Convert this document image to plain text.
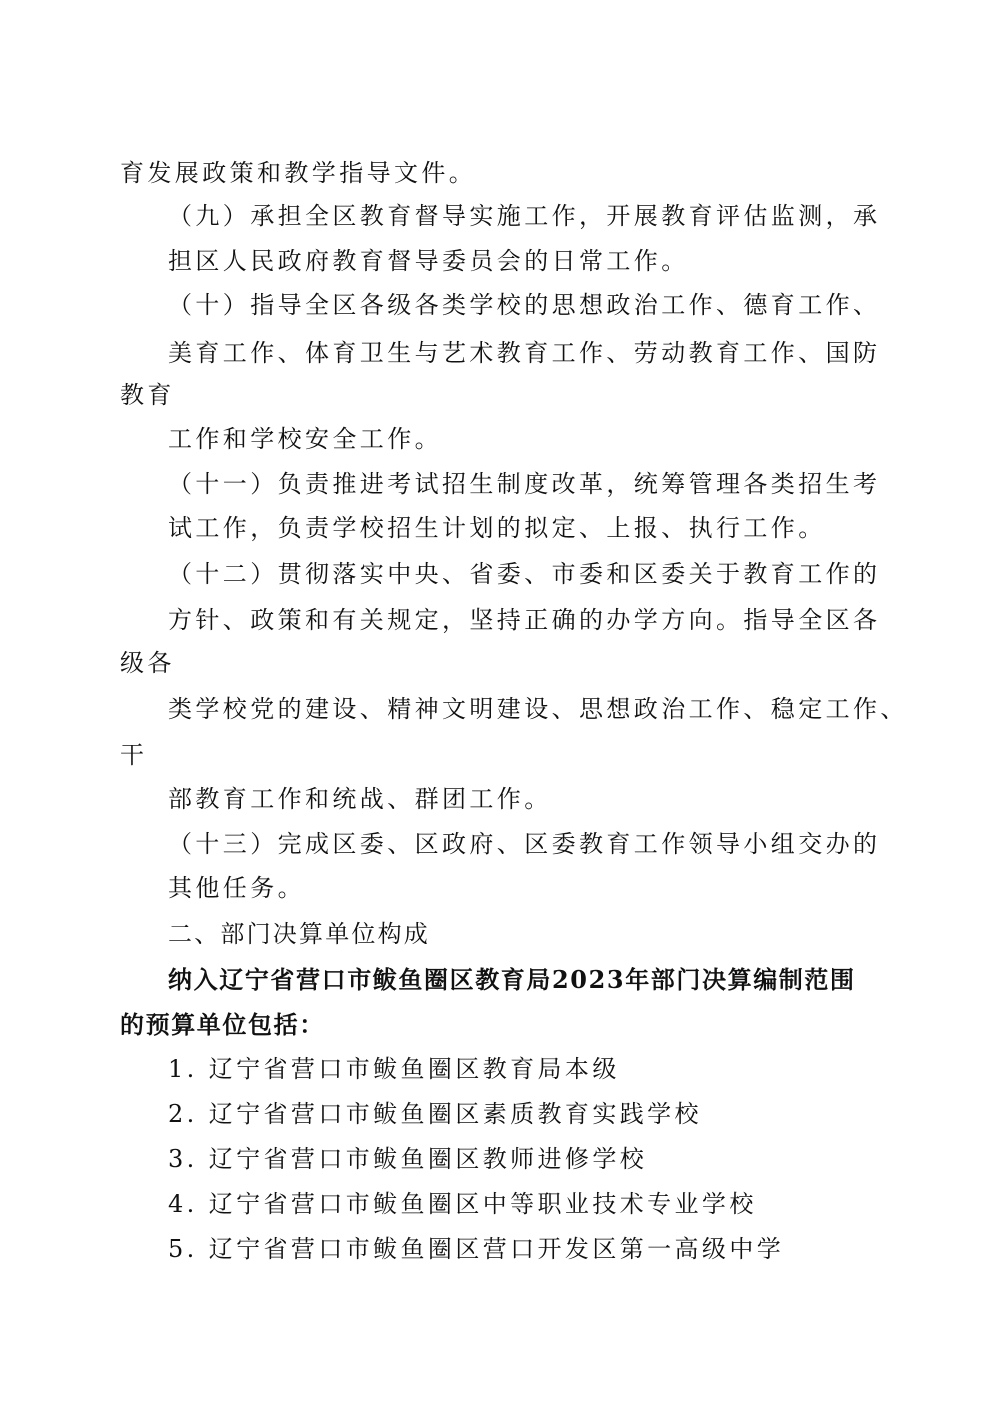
育发展政策和教学指导文件。

（九）承担全区教育督导实施工作，开展教育评估监测，承

担区人民政府教育督导委员会的日常工作。

（十）指导全区各级各类学校的思想政治工作、德育工作、

美育工作、体育卫生与艺术教育工作、劳动教育工作、国防

教育

工作和学校安全工作。

（十一）负责推进考试招生制度改革，统筹管理各类招生考

试工作，负责学校招生计划的拟定、上报、执行工作。

（十二）贯彻落实中央、省委、市委和区委关于教育工作的

方针、政策和有关规定，坚持正确的办学方向。指导全区各

级各

类学校党的建设、精神文明建设、思想政治工作、稳定工作、

干

部教育工作和统战、群团工作。

（十三）完成区委、区政府、区委教育工作领导小组交办的

其他任务。

二、部门决算单位构成

纳入辽宁省营口市鲅鱼圈区教育局2023年部门决算编制范围

的预算单位包括：

1. 辽宁省营口市鲅鱼圈区教育局本级

2. 辽宁省营口市鲅鱼圈区素质教育实践学校

3. 辽宁省营口市鲅鱼圈区教师进修学校

4. 辽宁省营口市鲅鱼圈区中等职业技术专业学校

5. 辽宁省营口市鲅鱼圈区营口开发区第一高级中学
